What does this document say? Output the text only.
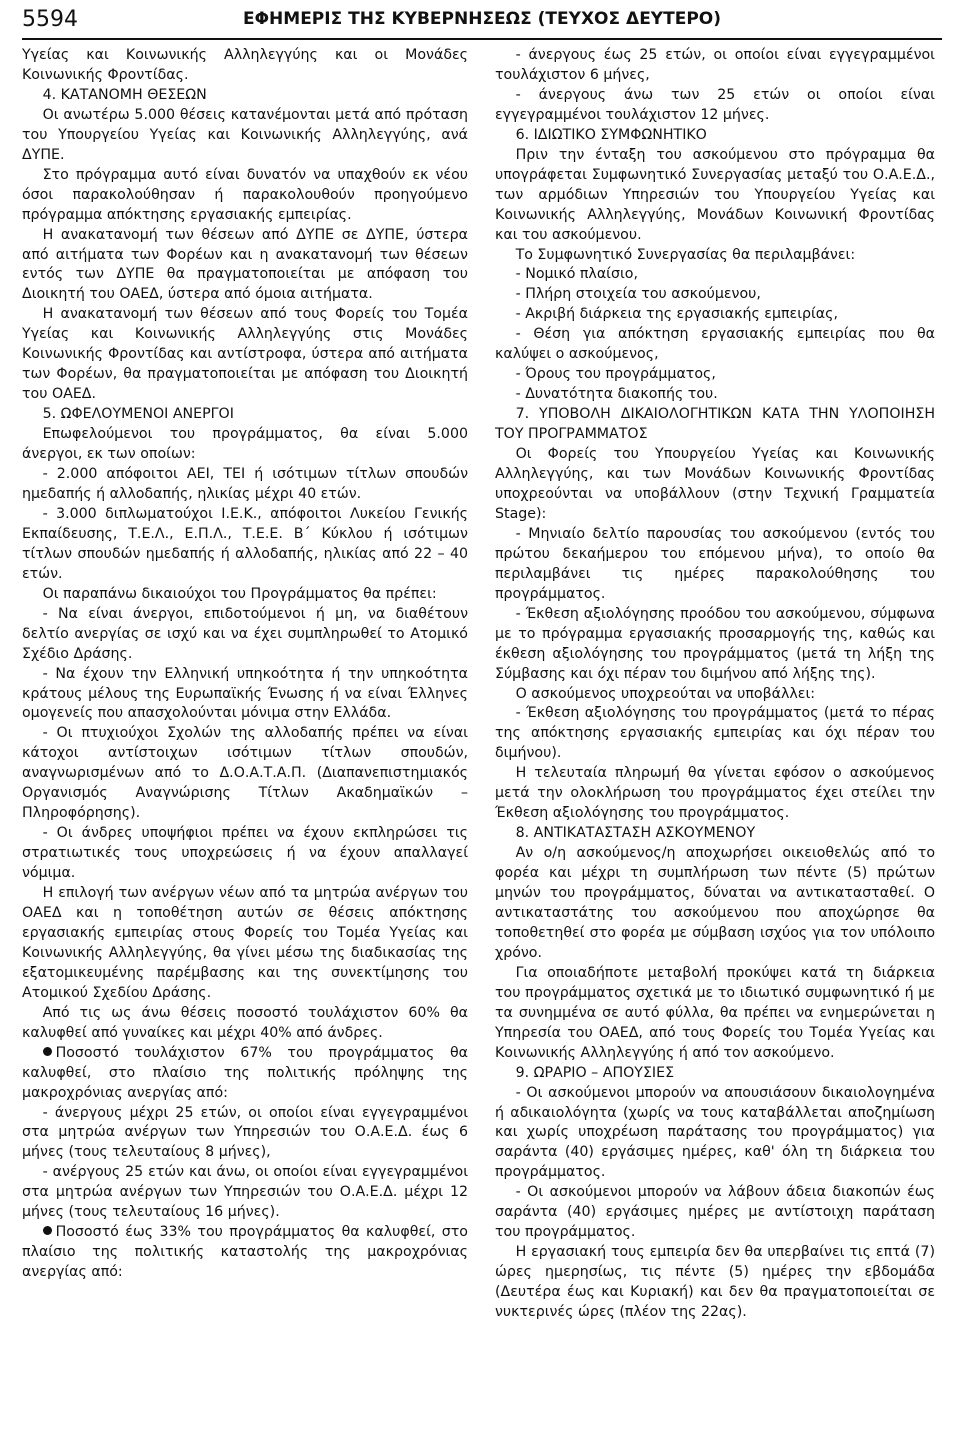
5594	ΕΦΗΜΕΡΙΣ ΤΗΣ ΚΥΒΕΡΝΗΣΕΩΣ (ΤΕΥΧΟΣ ΔΕΥΤΕΡΟ)

Υγείας και Κοινωνικής Αλληλεγγύης και οι Μονάδες Κοινωνικής Φροντίδας.

4. ΚΑΤΑΝΟΜΗ ΘΕΣΕΩΝ

Οι ανωτέρω 5.000 θέσεις κατανέμονται μετά από πρόταση του Υπουργείου Υγείας και Κοινωνικής Αλληλεγγύης, ανά ΔΥΠΕ.

Στο πρόγραμμα αυτό είναι δυνατόν να υπαχθούν εκ νέου όσοι παρακολούθησαν ή παρακολουθούν προηγούμενο πρόγραμμα απόκτησης εργασιακής εμπειρίας.

Η ανακατανομή των θέσεων από ΔΥΠΕ σε ΔΥΠΕ, ύστερα από αιτήματα των Φορέων και η ανακατανομή των θέσεων εντός των ΔΥΠΕ θα πραγματοποιείται με απόφαση του Διοικητή του ΟΑΕΔ, ύστερα από όμοια αιτήματα.

Η ανακατανομή των θέσεων από τους Φορείς του Τομέα Υγείας και Κοινωνικής Αλληλεγγύης στις Μονάδες Κοινωνικής Φροντίδας και αντίστροφα, ύστερα από αιτήματα των Φορέων, θα πραγματοποιείται με απόφαση του Διοικητή του ΟΑΕΔ.

5. ΩΦΕΛΟΥΜΕΝΟΙ ΑΝΕΡΓΟΙ

Επωφελούμενοι του προγράμματος, θα είναι 5.000 άνεργοι, εκ των οποίων:

- 2.000 απόφοιτοι ΑΕΙ, ΤΕΙ ή ισότιμων τίτλων σπουδών ημεδαπής ή αλλοδαπής, ηλικίας μέχρι 40 ετών.

- 3.000 διπλωματούχοι Ι.Ε.Κ., απόφοιτοι Λυκείου Γενικής Εκπαίδευσης, Τ.Ε.Λ., Ε.Π.Λ., Τ.Ε.Ε. Β΄ Κύκλου ή ισότιμων τίτλων σπουδών ημεδαπής ή αλλοδαπής, ηλικίας από 22 – 40 ετών.

Οι παραπάνω δικαιούχοι του Προγράμματος θα πρέπει:

- Να είναι άνεργοι, επιδοτούμενοι ή μη, να διαθέτουν δελτίο ανεργίας σε ισχύ και να έχει συμπληρωθεί το Ατομικό Σχέδιο Δράσης.

- Να έχουν την Ελληνική υπηκοότητα ή την υπηκοότητα κράτους μέλους της Ευρωπαϊκής Ένωσης ή να είναι Έλληνες ομογενείς που απασχολούνται μόνιμα στην Ελλάδα.

- Οι πτυχιούχοι Σχολών της αλλοδαπής πρέπει να είναι κάτοχοι αντίστοιχων ισότιμων τίτλων σπουδών, αναγνωρισμένων από το Δ.Ο.Α.Τ.Α.Π. (Διαπανεπιστημιακός Οργανισμός Αναγνώρισης Τίτλων Ακαδημαϊκών – Πληροφόρησης).

- Οι άνδρες υποψήφιοι πρέπει να έχουν εκπληρώσει τις στρατιωτικές τους υποχρεώσεις ή να έχουν απαλλαγεί νόμιμα.

Η επιλογή των ανέργων νέων από τα μητρώα ανέργων του ΟΑΕΔ και η τοποθέτηση αυτών σε θέσεις απόκτησης εργασιακής εμπειρίας στους Φορείς του Τομέα Υγείας και Κοινωνικής Αλληλεγγύης, θα γίνει μέσω της διαδικασίας της εξατομικευμένης παρέμβασης και της συνεκτίμησης του Ατομικού Σχεδίου Δράσης.

Από τις ως άνω θέσεις ποσοστό τουλάχιστον 60% θα καλυφθεί από γυναίκες και μέχρι 40% από άνδρες.

Ποσοστό τουλάχιστον 67% του προγράμματος θα καλυφθεί, στο πλαίσιο της πολιτικής πρόληψης της μακροχρόνιας ανεργίας από:

- άνεργους μέχρι 25 ετών, οι οποίοι είναι εγγεγραμμένοι στα μητρώα ανέργων των Υπηρεσιών του Ο.Α.Ε.Δ. έως 6 μήνες (τους τελευταίους 8 μήνες),

- ανέργους 25 ετών και άνω, οι οποίοι είναι εγγεγραμμένοι στα μητρώα ανέργων των Υπηρεσιών του Ο.Α.Ε.Δ. μέχρι 12 μήνες (τους τελευταίους 16 μήνες).

Ποσοστό έως 33% του προγράμματος θα καλυφθεί, στο πλαίσιο της πολιτικής καταστολής της μακροχρόνιας ανεργίας από:

- άνεργους έως 25 ετών, οι οποίοι είναι εγγεγραμμένοι τουλάχιστον 6 μήνες,

- άνεργους άνω των 25 ετών οι οποίοι είναι εγγεγραμμένοι τουλάχιστον 12 μήνες.

6. ΙΔΙΩΤΙΚΟ ΣΥΜΦΩΝΗΤΙΚΟ

Πριν την ένταξη του ασκούμενου στο πρόγραμμα θα υπογράφεται Συμφωνητικό Συνεργασίας μεταξύ του Ο.Α.Ε.Δ., των αρμόδιων Υπηρεσιών του Υπουργείου Υγείας και Κοινωνικής Αλληλεγγύης, Μονάδων Κοινωνική Φροντίδας και του ασκούμενου.

Το Συμφωνητικό Συνεργασίας θα περιλαμβάνει:

- Νομικό πλαίσιο,

- Πλήρη στοιχεία του ασκούμενου,

- Ακριβή διάρκεια της εργασιακής εμπειρίας,

- Θέση για απόκτηση εργασιακής εμπειρίας που θα καλύψει ο ασκούμενος,

- Όρους του προγράμματος,

- Δυνατότητα διακοπής του.

7. ΥΠΟΒΟΛΗ ΔΙΚΑΙΟΛΟΓΗΤΙΚΩΝ ΚΑΤΑ ΤΗΝ ΥΛΟΠΟΙΗΣΗ ΤΟΥ ΠΡΟΓΡΑΜΜΑΤΟΣ

Οι Φορείς του Υπουργείου Υγείας και Κοινωνικής Αλληλεγγύης, και των Μονάδων Κοινωνικής Φροντίδας υποχρεούνται να υποβάλλουν (στην Τεχνική Γραμματεία Stage):

- Μηνιαίο δελτίο παρουσίας του ασκούμενου (εντός του πρώτου δεκαήμερου του επόμενου μήνα), το οποίο θα περιλαμβάνει τις ημέρες παρακολούθησης του προγράμματος.

- Έκθεση αξιολόγησης προόδου του ασκούμενου, σύμφωνα με το πρόγραμμα εργασιακής προσαρμογής της, καθώς και έκθεση αξιολόγησης του προγράμματος (μετά τη λήξη της Σύμβασης και όχι πέραν του διμήνου από λήξης της).

Ο ασκούμενος υποχρεούται να υποβάλλει:

- Έκθεση αξιολόγησης του προγράμματος (μετά το πέρας της απόκτησης εργασιακής εμπειρίας και όχι πέραν του διμήνου).

Η τελευταία πληρωμή θα γίνεται εφόσον ο ασκούμενος μετά την ολοκλήρωση του προγράμματος έχει στείλει την Έκθεση αξιολόγησης του προγράμματος.

8. ΑΝΤΙΚΑΤΑΣΤΑΣΗ ΑΣΚΟΥΜΕΝΟΥ

Αν ο/η ασκούμενος/η αποχωρήσει οικειοθελώς από το φορέα και μέχρι τη συμπλήρωση των πέντε (5) πρώτων μηνών του προγράμματος, δύναται να αντικατασταθεί. Ο αντικαταστάτης του ασκούμενου που αποχώρησε θα τοποθετηθεί στο φορέα με σύμβαση ισχύος για τον υπόλοιπο χρόνο.

Για οποιαδήποτε μεταβολή προκύψει κατά τη διάρκεια του προγράμματος σχετικά με το ιδιωτικό συμφωνητικό ή με τα συνημμένα σε αυτό φύλλα, θα πρέπει να ενημερώνεται η Υπηρεσία του ΟΑΕΔ, από τους Φορείς του Τομέα Υγείας και Κοινωνικής Αλληλεγγύης ή από τον ασκούμενο.

9. ΩΡΑΡΙΟ – ΑΠΟΥΣΙΕΣ

- Οι ασκούμενοι μπορούν να απουσιάσουν δικαιολογημένα ή αδικαιολόγητα (χωρίς να τους καταβάλλεται αποζημίωση και χωρίς υποχρέωση παράτασης του προγράμματος) για σαράντα (40) εργάσιμες ημέρες, καθ' όλη τη διάρκεια του προγράμματος.

- Οι ασκούμενοι μπορούν να λάβουν άδεια διακοπών έως σαράντα (40) εργάσιμες ημέρες με αντίστοιχη παράταση του προγράμματος.

Η εργασιακή τους εμπειρία δεν θα υπερβαίνει τις επτά (7) ώρες ημερησίως, τις πέντε (5) ημέρες την εβδομάδα (Δευτέρα έως και Κυριακή) και δεν θα πραγματοποιείται σε νυκτερινές ώρες (πλέον της 22ας).
